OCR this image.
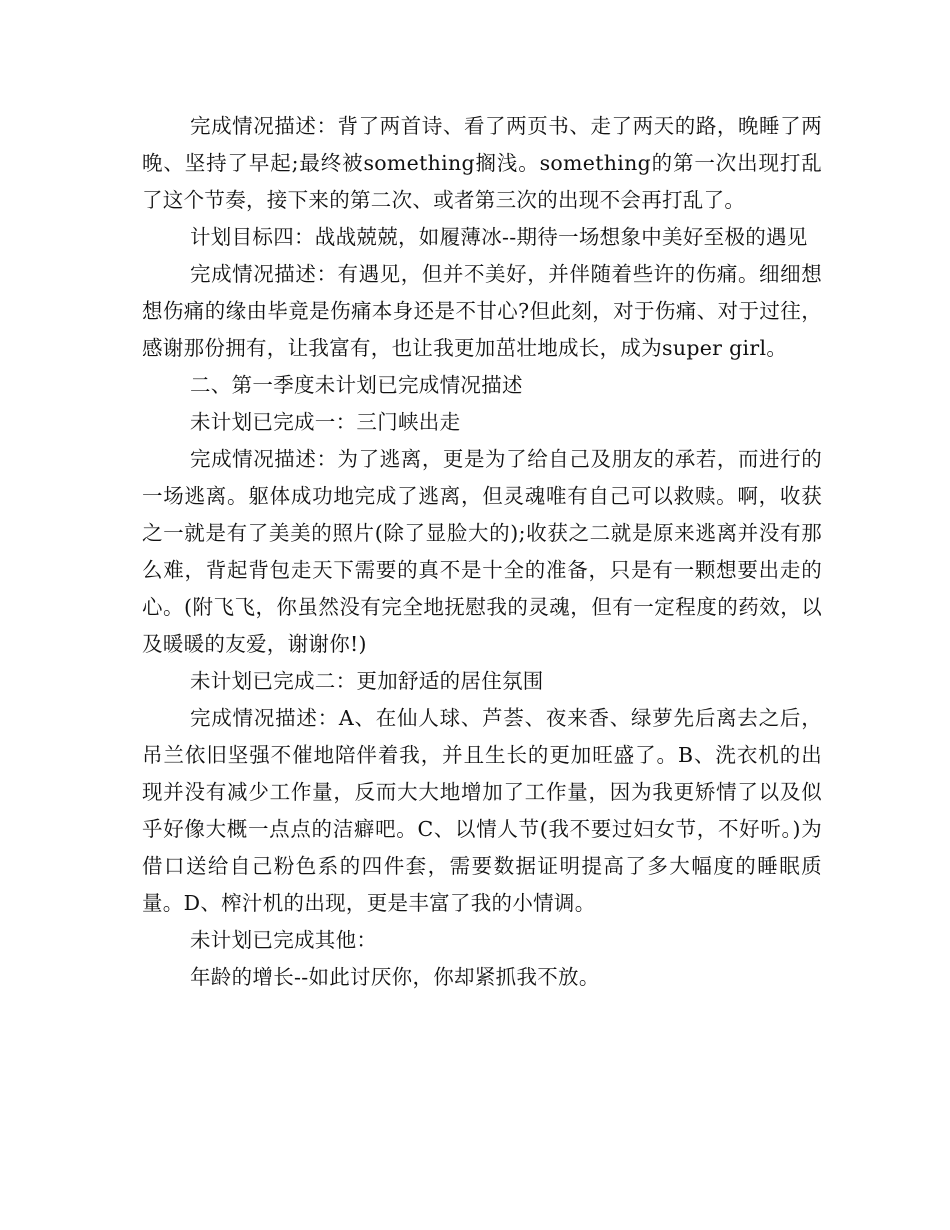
完成情况描述：背了两首诗、看了两页书、走了两天的路，晚睡了两晚、坚持了早起;最终被something搁浅。something的第一次出现打乱了这个节奏，接下来的第二次、或者第三次的出现不会再打乱了。

计划目标四：战战兢兢，如履薄冰--期待一场想象中美好至极的遇见

完成情况描述：有遇见，但并不美好，并伴随着些许的伤痛。细细想想伤痛的缘由毕竟是伤痛本身还是不甘心?但此刻，对于伤痛、对于过往，感谢那份拥有，让我富有，也让我更加茁壮地成长，成为super girl。

二、第一季度未计划已完成情况描述

未计划已完成一：三门峡出走

完成情况描述：为了逃离，更是为了给自己及朋友的承若，而进行的一场逃离。躯体成功地完成了逃离，但灵魂唯有自己可以救赎。啊，收获之一就是有了美美的照片(除了显脸大的);收获之二就是原来逃离并没有那么难，背起背包走天下需要的真不是十全的准备，只是有一颗想要出走的心。(附飞飞，你虽然没有完全地抚慰我的灵魂，但有一定程度的药效，以及暖暖的友爱，谢谢你!)

未计划已完成二：更加舒适的居住氛围

完成情况描述：A、在仙人球、芦荟、夜来香、绿萝先后离去之后，吊兰依旧坚强不催地陪伴着我，并且生长的更加旺盛了。B、洗衣机的出现并没有减少工作量，反而大大地增加了工作量，因为我更矫情了以及似乎好像大概一点点的洁癖吧。C、以情人节(我不要过妇女节，不好听。)为借口送给自己粉色系的四件套，需要数据证明提高了多大幅度的睡眠质量。D、榨汁机的出现，更是丰富了我的小情调。

未计划已完成其他：

年龄的增长--如此讨厌你，你却紧抓我不放。
